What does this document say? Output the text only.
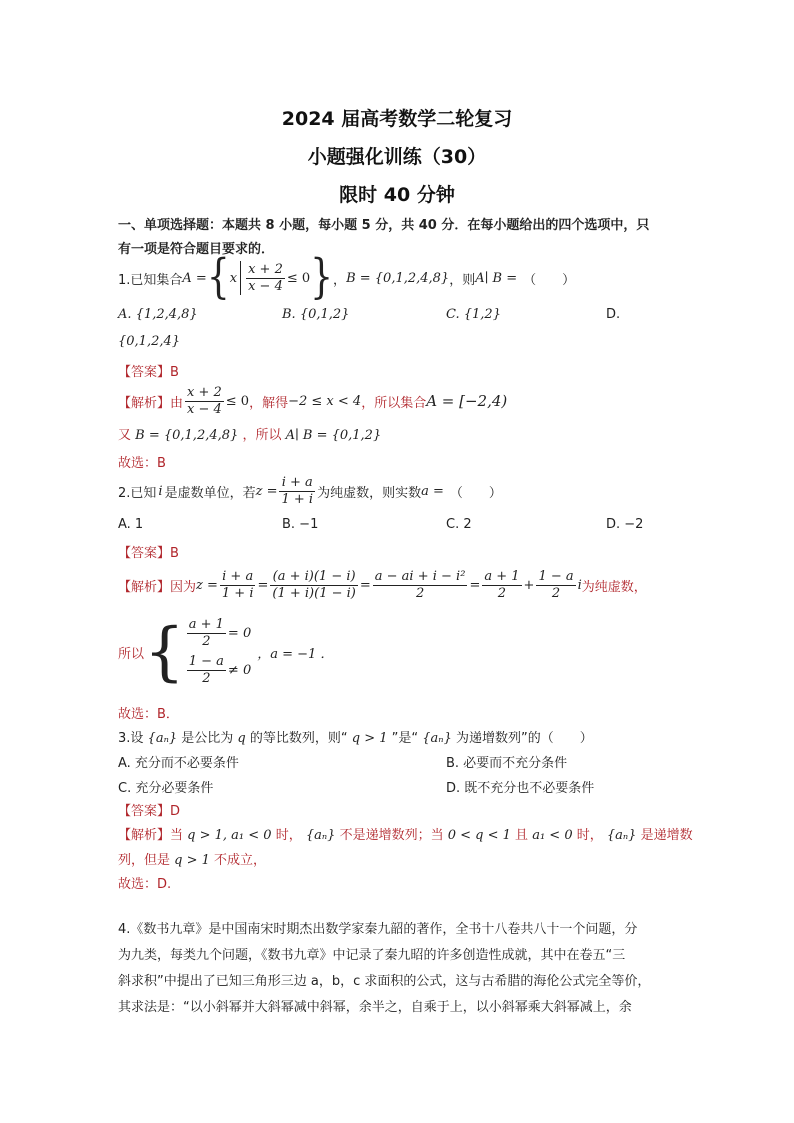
2024 届高考数学二轮复习
小题强化训练（30）
限时 40 分钟
一、单项选择题：本题共 8 小题，每小题 5 分，共 40 分．在每小题给出的四个选项中，只
有一项是符合题目要求的．
1.已知集合 A = { x $\frac{x + 2}{x - 4} \le 0$ } ， B = {0,1,2,4,8} ，则 A∣ B = （　　）
A. {1,2,4,8}	B. {0,1,2}	C. {1,2}	D.
{0,1,2,4}
【答案】B
【解析】由 $\frac{x + 2}{x - 4} \le 0$ ，解得 −2 ≤ x < 4 ，所以集合 A = [−2,4)
又 B = {0,1,2,4,8} ，所以 A∣ B = {0,1,2}
故选：B
2.已知 i 是虚数单位，若 $z = \frac{i + a}{1 + i}$ 为纯虚数，则实数 a = （　　）
A. 1	B. −1	C. 2	D. −2
【答案】B
【解析】因为 $z = \frac{i + a}{1 + i} = \frac{(a + i)(1 - i)}{(1 + i)(1 - i)} = \frac{\text{a − ai + i − i²}}{2} = \frac{a + 1}{2} + \frac{1 - a}{2}$ i 为纯虚数，
所以 { $\frac{a + 1}{2} = 0$
$\frac{1 - a}{2} \ne 0$
，a = −1 ．
故选：B．
3.设 {aₙ} 是公比为 q 的等比数列，则“ q > 1 ”是“ {aₙ} 为递增数列”的（　　）
A. 充分而不必要条件	B. 必要而不充分条件
C. 充分必要条件	D. 既不充分也不必要条件
【答案】D
【解析】当 q > 1, a₁ < 0 时， {aₙ} 不是递增数列；当 0 < q < 1 且 a₁ < 0 时， {aₙ} 是递增数
列，但是 q > 1 不成立，
故选：D.
4.《数书九章》是中国南宋时期杰出数学家秦九韶的著作，全书十八卷共八十一个问题，分
为九类，每类九个问题，《数书九章》中记录了秦九昭的许多创造性成就，其中在卷五“三
斜求积”中提出了已知三角形三边 a，b，c 求面积的公式，这与古希腊的海伦公式完全等价，
其求法是：“以小斜幂并大斜幂减中斜幂，余半之，自乘于上，以小斜幂乘大斜幂减上，余
